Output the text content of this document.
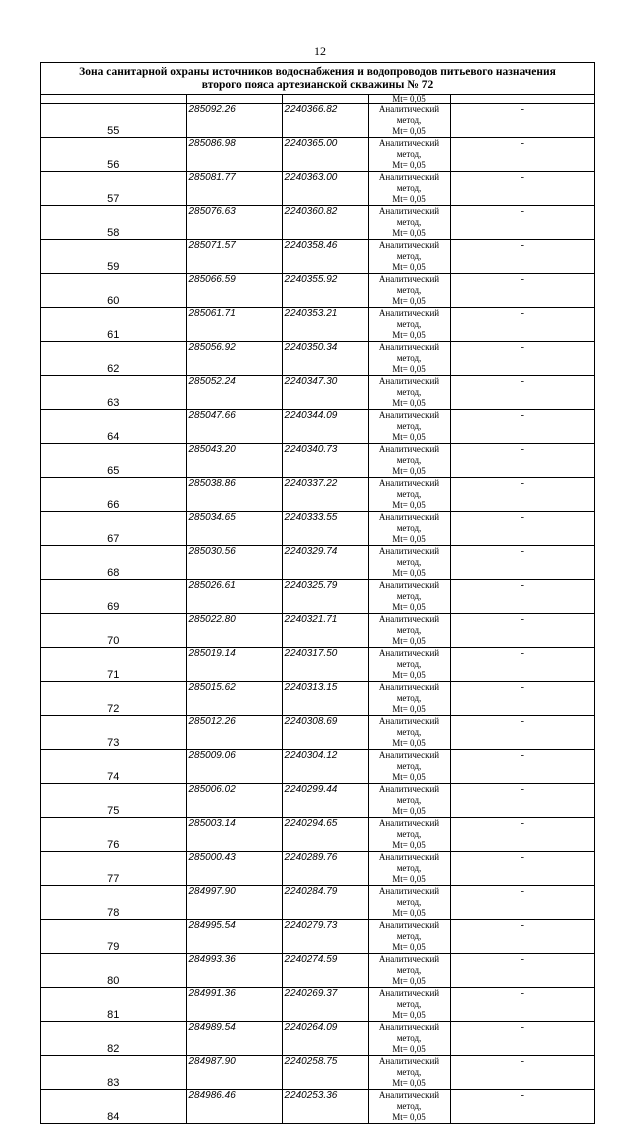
12
Зона санитарной охраны источников водоснабжения и водопроводов питьевого назначения
второго пояса артезианской скважины № 72
			Mt= 0,05	
55	285092.26	2240366.82	Аналитический метод,
Mt= 0,05	-
56	285086.98	2240365.00	Аналитический метод,
Mt= 0,05	-
57	285081.77	2240363.00	Аналитический метод,
Mt= 0,05	-
58	285076.63	2240360.82	Аналитический метод,
Mt= 0,05	-
59	285071.57	2240358.46	Аналитический метод,
Mt= 0,05	-
60	285066.59	2240355.92	Аналитический метод,
Mt= 0,05	-
61	285061.71	2240353.21	Аналитический метод,
Mt= 0,05	-
62	285056.92	2240350.34	Аналитический метод,
Mt= 0,05	-
63	285052.24	2240347.30	Аналитический метод,
Mt= 0,05	-
64	285047.66	2240344.09	Аналитический метод,
Mt= 0,05	-
65	285043.20	2240340.73	Аналитический метод,
Mt= 0,05	-
66	285038.86	2240337.22	Аналитический метод,
Mt= 0,05	-
67	285034.65	2240333.55	Аналитический метод,
Mt= 0,05	-
68	285030.56	2240329.74	Аналитический метод,
Mt= 0,05	-
69	285026.61	2240325.79	Аналитический метод,
Mt= 0,05	-
70	285022.80	2240321.71	Аналитический метод,
Mt= 0,05	-
71	285019.14	2240317.50	Аналитический метод,
Mt= 0,05	-
72	285015.62	2240313.15	Аналитический метод,
Mt= 0,05	-
73	285012.26	2240308.69	Аналитический метод,
Mt= 0,05	-
74	285009.06	2240304.12	Аналитический метод,
Mt= 0,05	-
75	285006.02	2240299.44	Аналитический метод,
Mt= 0,05	-
76	285003.14	2240294.65	Аналитический метод,
Mt= 0,05	-
77	285000.43	2240289.76	Аналитический метод,
Mt= 0,05	-
78	284997.90	2240284.79	Аналитический метод,
Mt= 0,05	-
79	284995.54	2240279.73	Аналитический метод,
Mt= 0,05	-
80	284993.36	2240274.59	Аналитический метод,
Mt= 0,05	-
81	284991.36	2240269.37	Аналитический метод,
Mt= 0,05	-
82	284989.54	2240264.09	Аналитический метод,
Mt= 0,05	-
83	284987.90	2240258.75	Аналитический метод,
Mt= 0,05	-
84	284986.46	2240253.36	Аналитический метод,
Mt= 0,05	-
